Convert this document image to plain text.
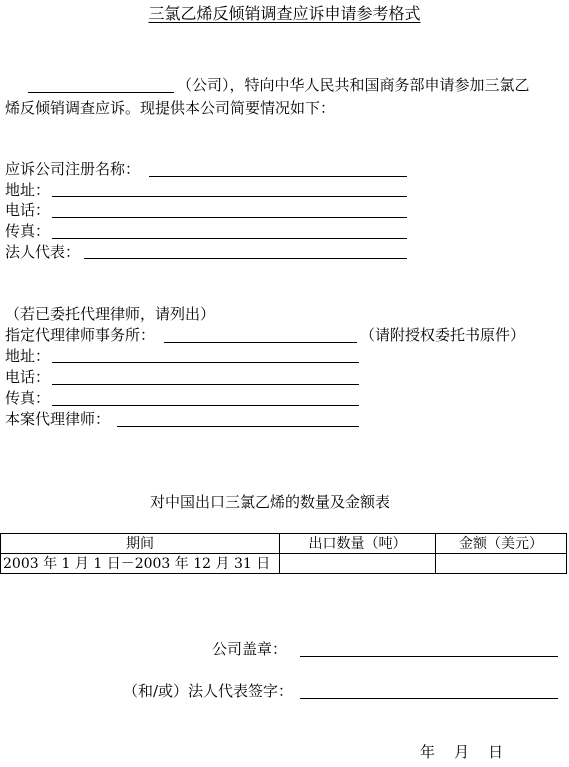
三氯乙烯反倾销调查应诉申请参考格式
（公司），特向中华人民共和国商务部申请参加三氯乙
烯反倾销调查应诉。现提供本公司简要情况如下：
应诉公司注册名称：
地址：
电话：
传真：
法人代表：
（若已委托代理律师，请列出）
指定代理律师事务所：	（请附授权委托书原件）
地址：
电话：
传真：
本案代理律师：
对中国出口三氯乙烯的数量及金额表
期间	出口数量（吨）	金额（美元）
2003 年 1 月 1 日－2003 年 12 月 31 日		
公司盖章：
（和/或）法人代表签字：
年    月    日
